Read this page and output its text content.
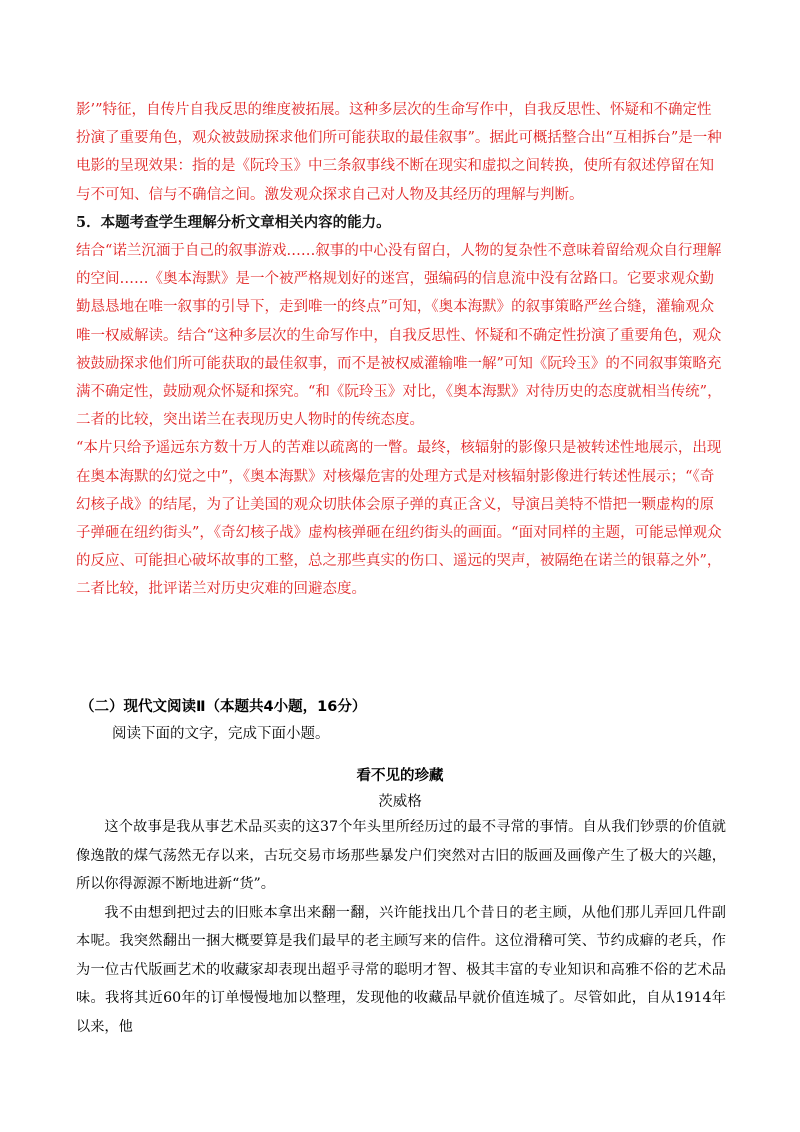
影’”特征，自传片自我反思的维度被拓展。这种多层次的生命写作中，自我反思性、怀疑和不确定性扮演了重要角色，观众被鼓励探求他们所可能获取的最佳叙事”。据此可概括整合出“互相拆台”是一种电影的呈现效果：指的是《阮玲玉》中三条叙事线不断在现实和虚拟之间转换，使所有叙述停留在知与不可知、信与不确信之间。激发观众探求自己对人物及其经历的理解与判断。

5．本题考查学生理解分析文章相关内容的能力。

结合“诺兰沉湎于自己的叙事游戏……叙事的中心没有留白，人物的复杂性不意味着留给观众自行理解的空间……《奥本海默》是一个被严格规划好的迷宫，强编码的信息流中没有岔路口。它要求观众勤勤恳恳地在唯一叙事的引导下，走到唯一的终点”可知，《奥本海默》的叙事策略严丝合缝，灌输观众唯一权威解读。结合“这种多层次的生命写作中，自我反思性、怀疑和不确定性扮演了重要角色，观众被鼓励探求他们所可能获取的最佳叙事，而不是被权威灌输唯一解”可知《阮玲玉》的不同叙事策略充满不确定性，鼓励观众怀疑和探究。“和《阮玲玉》对比，《奥本海默》对待历史的态度就相当传统”，二者的比较，突出诺兰在表现历史人物时的传统态度。

“本片只给予遥远东方数十万人的苦难以疏离的一瞥。最终，核辐射的影像只是被转述性地展示，出现在奥本海默的幻觉之中”，《奥本海默》对核爆危害的处理方式是对核辐射影像进行转述性展示；“《奇幻核子战》的结尾，为了让美国的观众切肤体会原子弹的真正含义，导演吕美特不惜把一颗虚构的原子弹砸在纽约街头”，《奇幻核子战》虚构核弹砸在纽约街头的画面。“面对同样的主题，可能忌惮观众的反应、可能担心破坏故事的工整，总之那些真实的伤口、遥远的哭声，被隔绝在诺兰的银幕之外”，二者比较，批评诺兰对历史灾难的回避态度。

（二）现代文阅读Ⅱ（本题共4小题，16分）
阅读下面的文字，完成下面小题。
看不见的珍藏
茨威格

这个故事是我从事艺术品买卖的这37个年头里所经历过的最不寻常的事情。自从我们钞票的价值就像逸散的煤气荡然无存以来，古玩交易市场那些暴发户们突然对古旧的版画及画像产生了极大的兴趣，所以你得源源不断地进新“货”。

我不由想到把过去的旧账本拿出来翻一翻，兴许能找出几个昔日的老主顾，从他们那儿弄回几件副本呢。我突然翻出一捆大概要算是我们最早的老主顾写来的信件。这位滑稽可笑、节约成癖的老兵，作为一位古代版画艺术的收藏家却表现出超乎寻常的聪明才智、极其丰富的专业知识和高雅不俗的艺术品味。我将其近60年的订单慢慢地加以整理，发现他的收藏品早就价值连城了。尽管如此，自从1914年以来，他
